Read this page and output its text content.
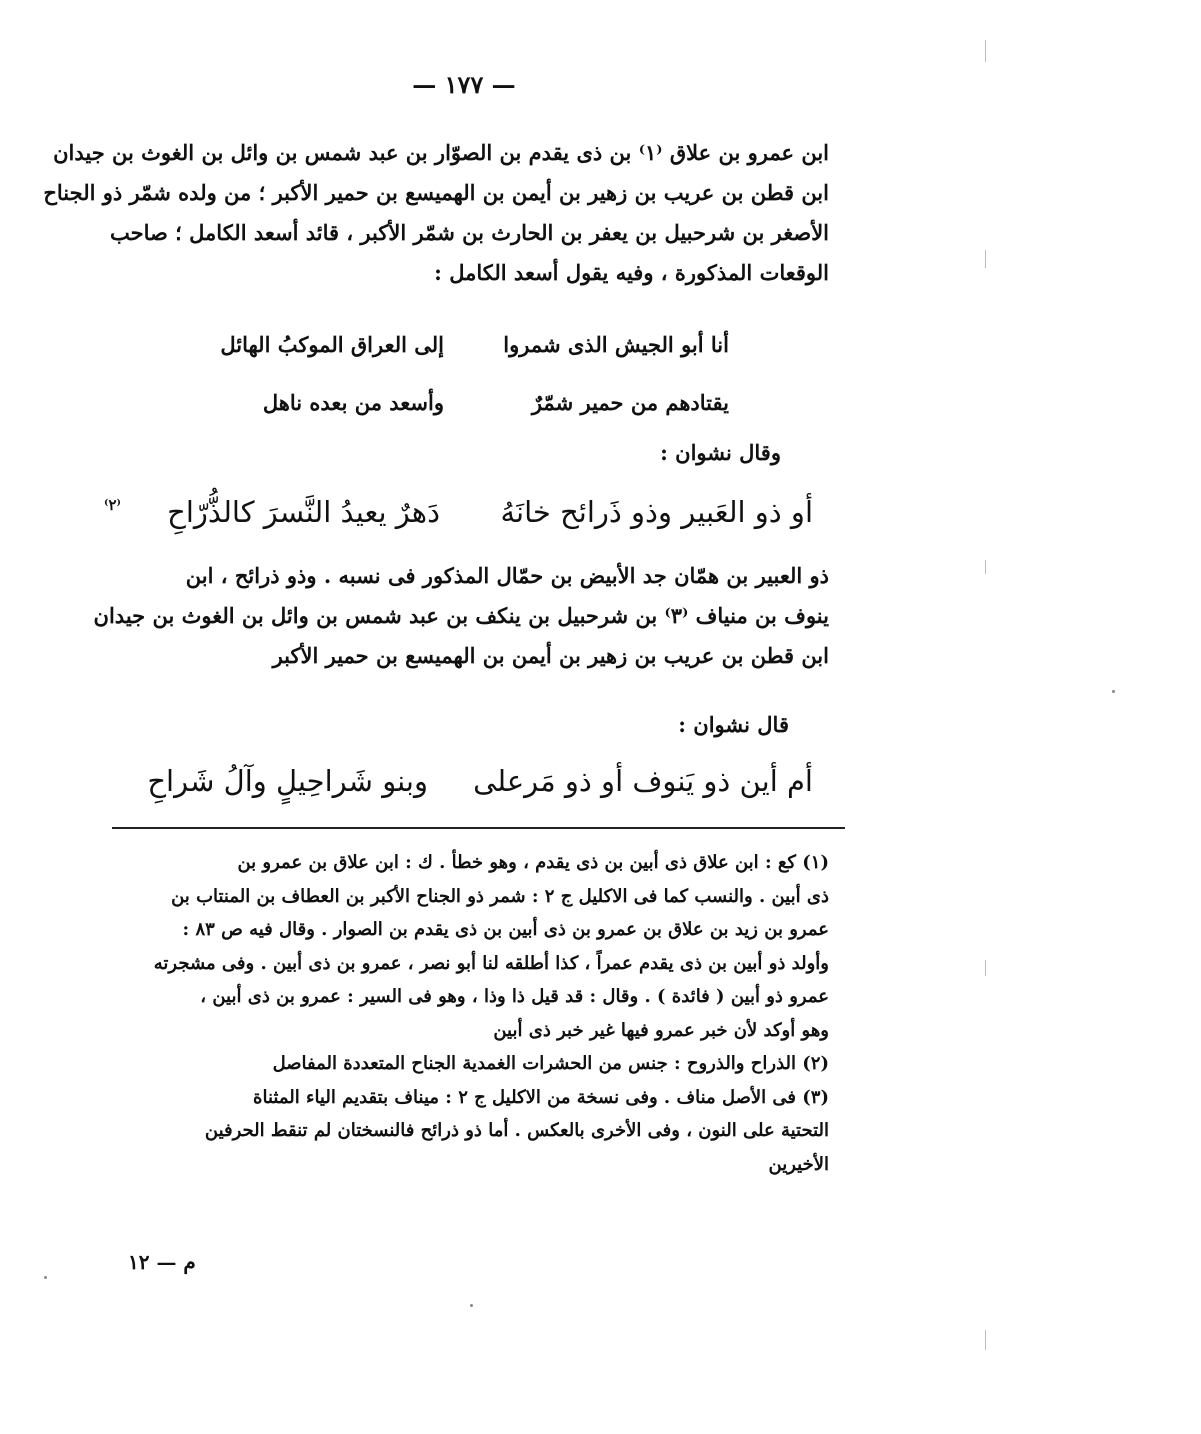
— ١٧٧ —
ابن عمرو بن علاق ⁽١⁾ بن ذى يقدم بن الصوّار بن عبد شمس بن وائل بن الغوث بن جيدان
ابن قطن بن عريب بن زهير بن أيمن بن الهميسع بن حمير الأكبر ؛ من ولده شمّر ذو الجناح
الأصغر بن شرحبيل بن يعفر بن الحارث بن شمّر الأكبر ، قائد أسعد الكامل ؛ صاحب
الوقعات المذكورة ، وفيه يقول أسعد الكامل :
أنا أبو الجيش الذى شمروا
إلى العراق الموكبُ الهائل
يقتادهم من حمير شمّرٌ
وأسعد من بعده ناهل
وقال نشوان :
أو ذو العَبير وذو ذَرائح خانَهُ
دَهرٌ يعيدُ النَّسرَ كالذُّرّاحِ
⁽٢⁾
ذو العبير بن همّان جد الأبيض بن حمّال المذكور فى نسبه . وذو ذرائح ، ابن
ينوف بن منياف ⁽٣⁾ بن شرحبيل بن ينكف بن عبد شمس بن وائل بن الغوث بن جيدان
ابن قطن بن عريب بن زهير بن أيمن بن الهميسع بن حمير الأكبر
قال نشوان :
أم أين ذو يَنوف أو ذو مَرعلى
وبنو شَراحِيلٍ وآلُ شَراحِ
(١) كع : ابن علاق ذى أبين بن ذى يقدم ، وهو خطأ . ك : ابن علاق بن عمرو بن
ذى أبين . والنسب كما فى الاكليل ج ٢ : شمر ذو الجناح الأكبر بن العطاف بن المنتاب بن
عمرو بن زيد بن علاق بن عمرو بن ذى أبين بن ذى يقدم بن الصوار . وقال فيه ص ٨٣ :
وأولد ذو أبين بن ذى يقدم عمراً ، كذا أطلقه لنا أبو نصر ، عمرو بن ذى أبين . وفى مشجرته
عمرو ذو أبين ( فائدة ) . وقال : قد قيل ذا وذا ، وهو فى السير : عمرو بن ذى أبين ،
وهو أوكد لأن خبر عمرو فيها غير خبر ذى أبين
(٢) الذراح والذروح : جنس من الحشرات الغمدية الجناح المتعددة المفاصل
(٣) فى الأصل مناف . وفى نسخة من الاكليل ج ٢ : ميناف بتقديم الياء المثناة
التحتية على النون ، وفى الأخرى بالعكس . أما ذو ذرائح فالنسختان لم تنقط الحرفين
الأخيرين
م — ١٢
